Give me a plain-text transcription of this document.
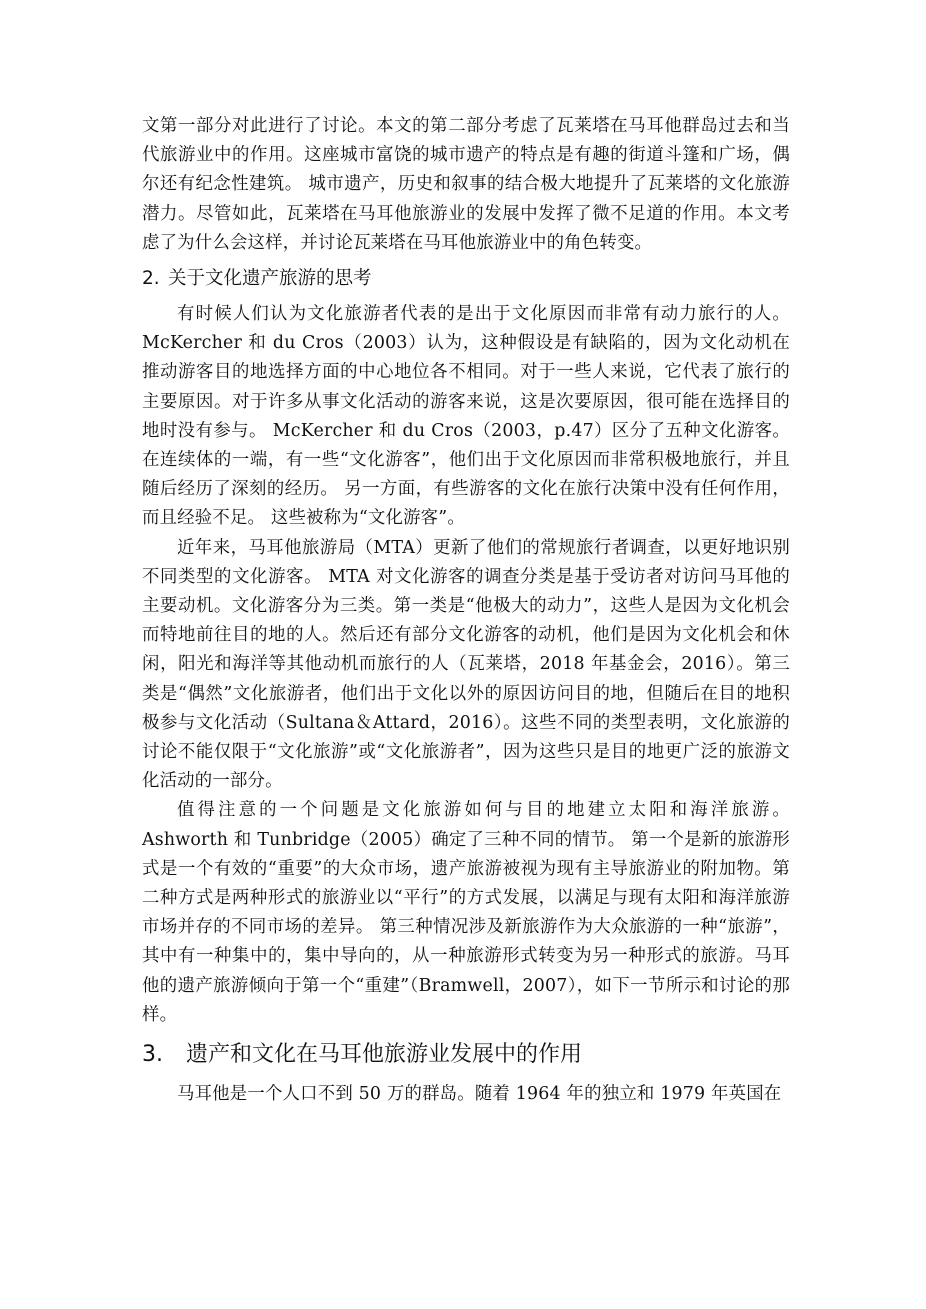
文第一部分对此进行了讨论。本文的第二部分考虑了瓦莱塔在马耳他群岛过去和当代旅游业中的作用。这座城市富饶的城市遗产的特点是有趣的街道斗篷和广场，偶尔还有纪念性建筑。 城市遗产，历史和叙事的结合极大地提升了瓦莱塔的文化旅游潜力。尽管如此，瓦莱塔在马耳他旅游业的发展中发挥了微不足道的作用。本文考虑了为什么会这样，并讨论瓦莱塔在马耳他旅游业中的角色转变。

2. 关于文化遗产旅游的思考

有时候人们认为文化旅游者代表的是出于文化原因而非常有动力旅行的人。McKercher 和 du Cros（2003）认为，这种假设是有缺陷的，因为文化动机在推动游客目的地选择方面的中心地位各不相同。对于一些人来说，它代表了旅行的主要原因。对于许多从事文化活动的游客来说，这是次要原因，很可能在选择目的地时没有参与。 McKercher 和 du Cros（2003，p.47）区分了五种文化游客。在连续体的一端，有一些“文化游客”，他们出于文化原因而非常积极地旅行，并且随后经历了深刻的经历。 另一方面，有些游客的文化在旅行决策中没有任何作用，而且经验不足。 这些被称为“文化游客”。

近年来，马耳他旅游局（MTA）更新了他们的常规旅行者调查，以更好地识别不同类型的文化游客。 MTA 对文化游客的调查分类是基于受访者对访问马耳他的主要动机。文化游客分为三类。第一类是“他极大的动力”，这些人是因为文化机会而特地前往目的地的人。然后还有部分文化游客的动机，他们是因为文化机会和休闲，阳光和海洋等其他动机而旅行的人（瓦莱塔，2018 年基金会，2016）。第三类是“偶然”文化旅游者，他们出于文化以外的原因访问目的地，但随后在目的地积极参与文化活动（Sultana＆Attard，2016）。这些不同的类型表明，文化旅游的讨论不能仅限于“文化旅游”或“文化旅游者”，因为这些只是目的地更广泛的旅游文化活动的一部分。

值得注意的一个问题是文化旅游如何与目的地建立太阳和海洋旅游。Ashworth 和 Tunbridge（2005）确定了三种不同的情节。 第一个是新的旅游形式是一个有效的“重要”的大众市场，遗产旅游被视为现有主导旅游业的附加物。第二种方式是两种形式的旅游业以“平行”的方式发展，以满足与现有太阳和海洋旅游市场并存的不同市场的差异。 第三种情况涉及新旅游作为大众旅游的一种“旅游”，其中有一种集中的，集中导向的，从一种旅游形式转变为另一种形式的旅游。马耳他的遗产旅游倾向于第一个“重建”（Bramwell，2007），如下一节所示和讨论的那样。

3. 遗产和文化在马耳他旅游业发展中的作用

马耳他是一个人口不到 50 万的群岛。随着 1964 年的独立和 1979 年英国在
